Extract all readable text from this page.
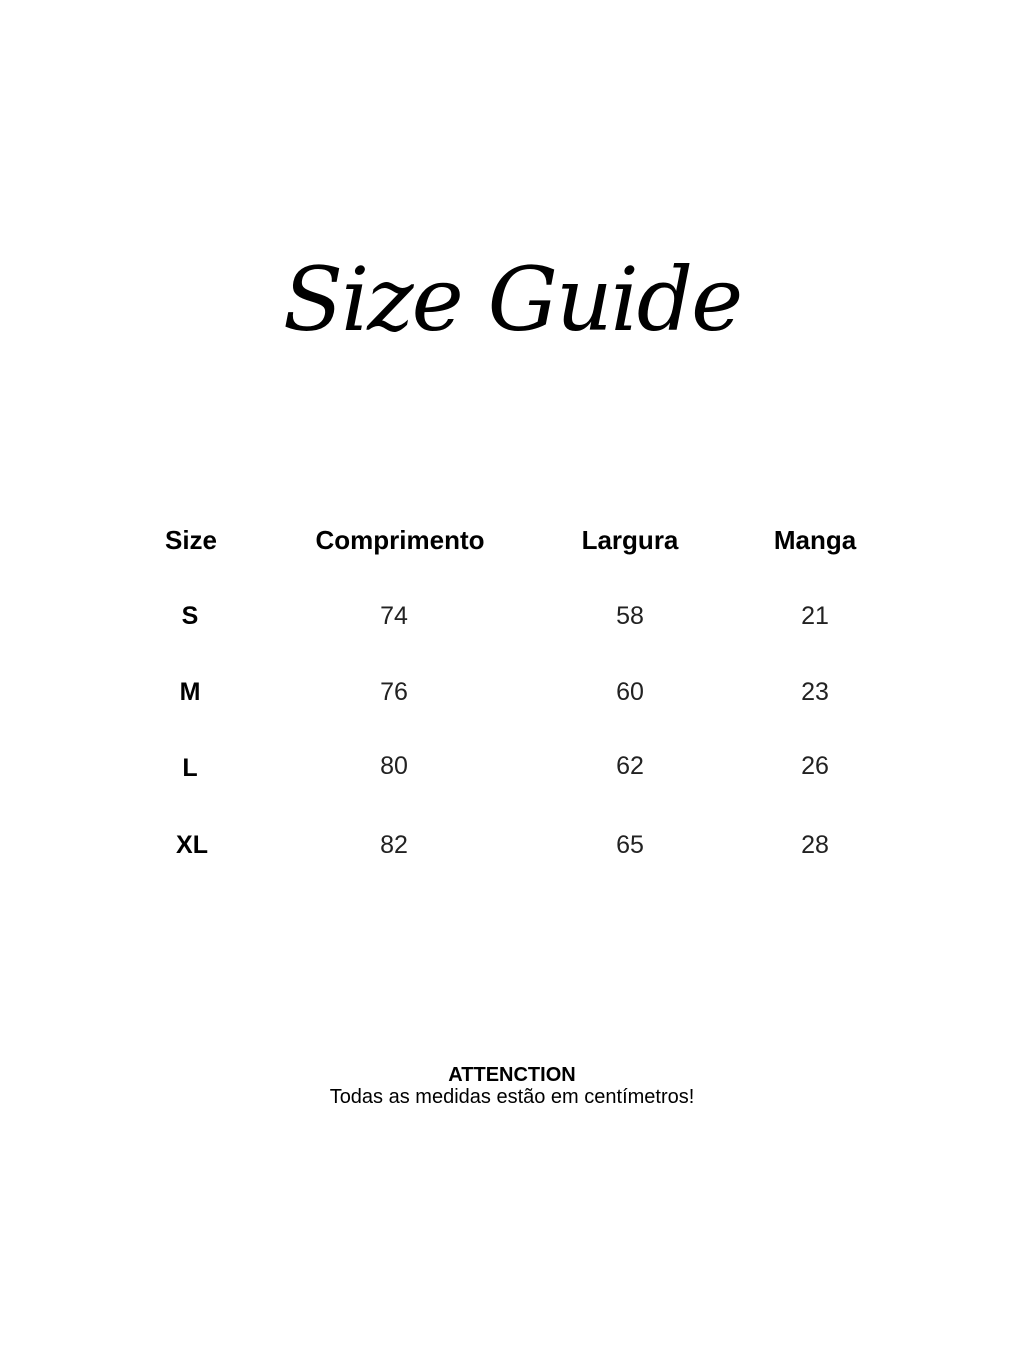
Size Guide
Size	Comprimento	Largura	Manga
S	74	58	21
M	76	60	23
L	80	62	26
XL	82	65	28
ATTENCTION
Todas as medidas estão em centímetros!
